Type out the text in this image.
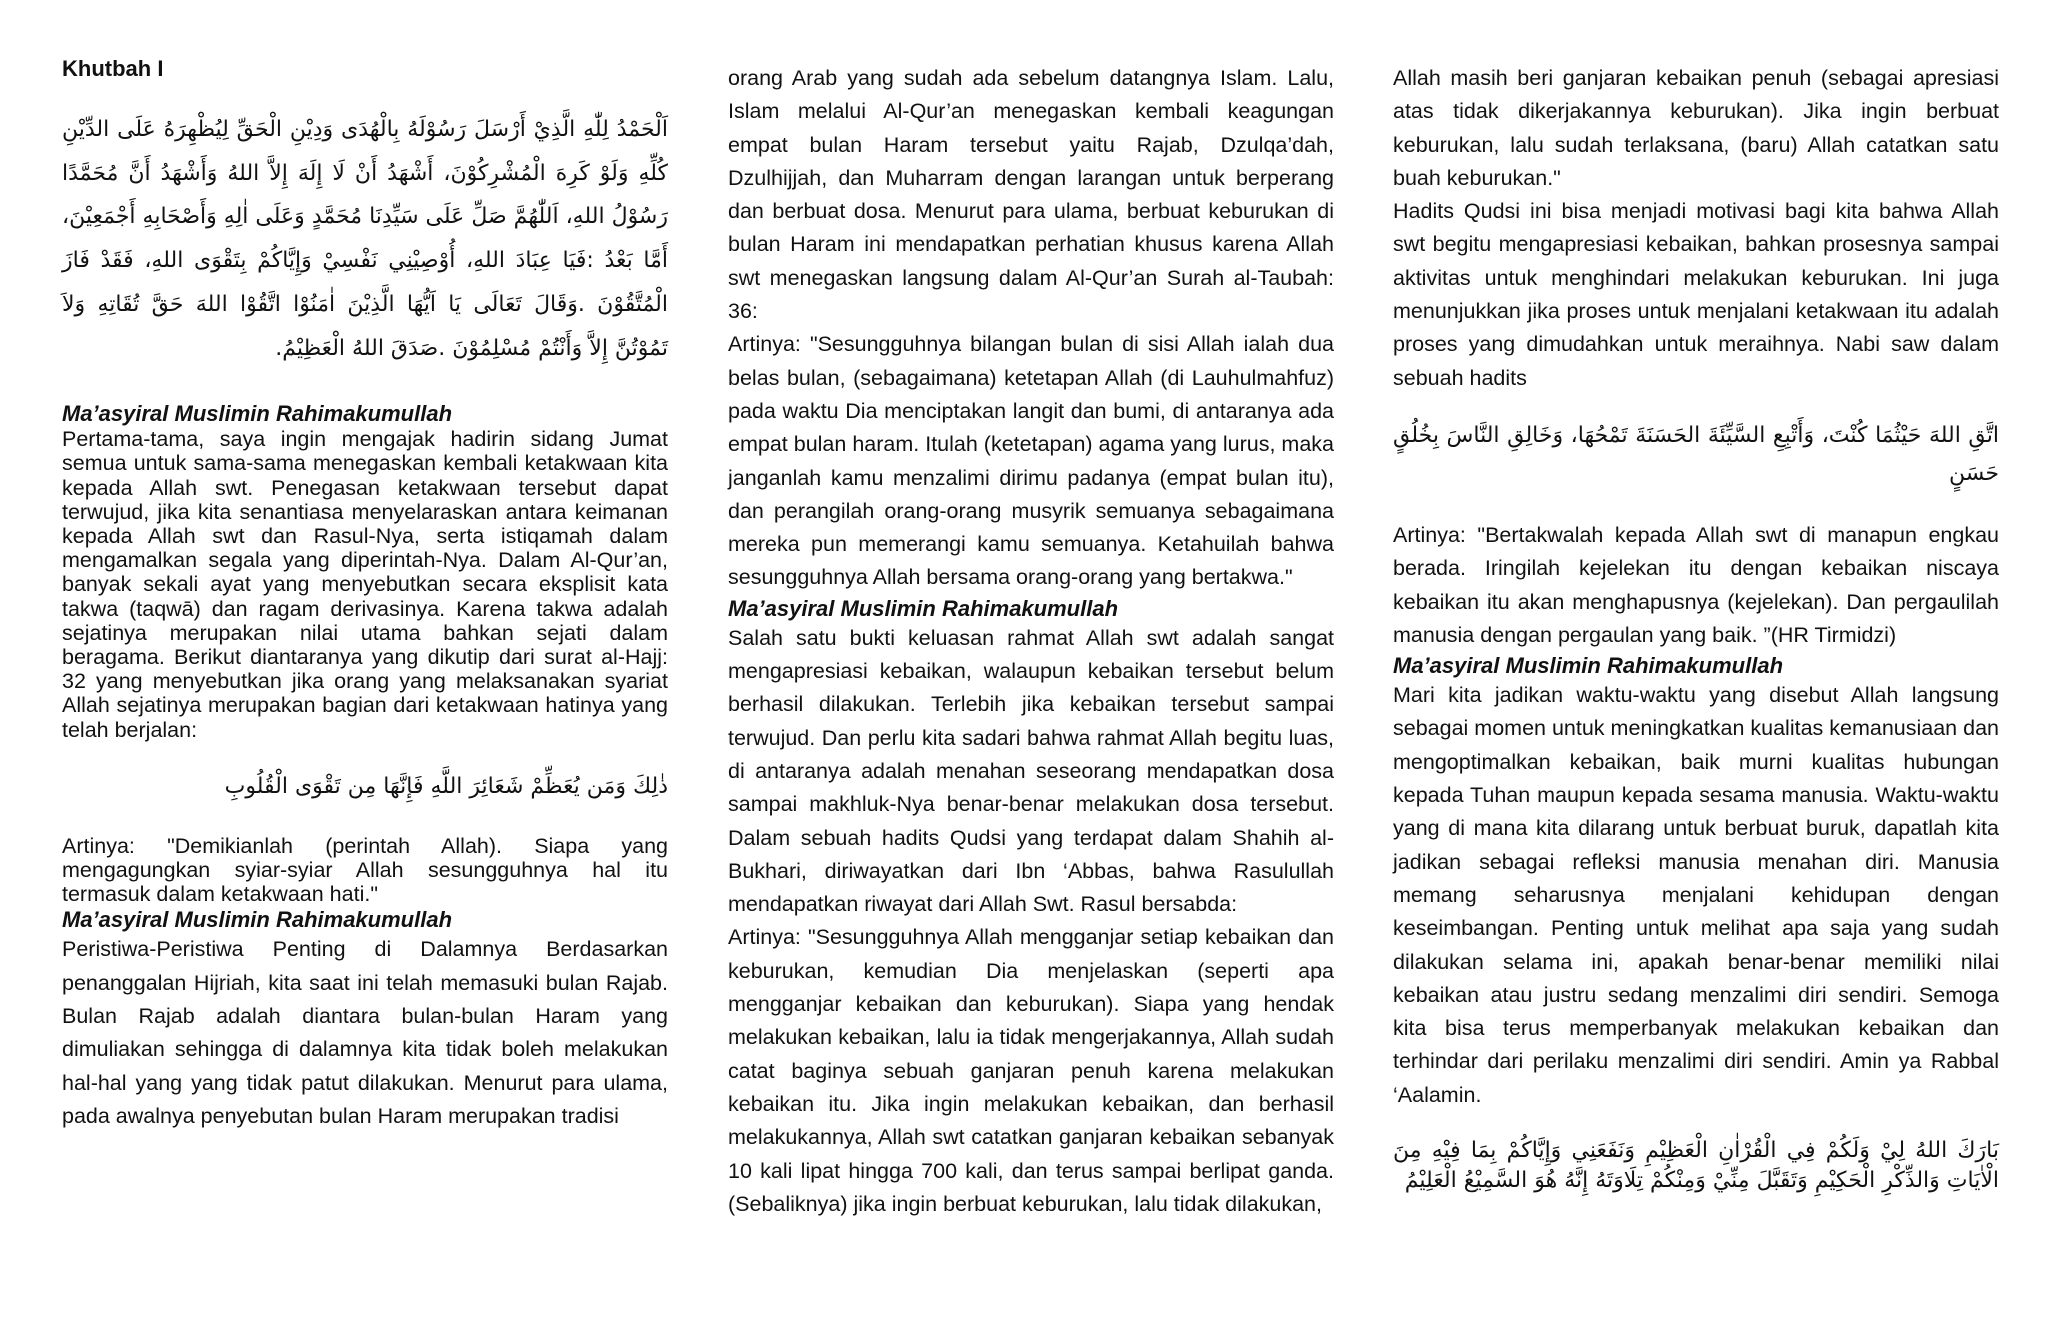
Khutbah I

اَلْحَمْدُ لِلّٰهِ الَّذِيْ أَرْسَلَ رَسُوْلَهُ بِالْهُدَى وَدِيْنِ الْحَقِّ لِيُظْهِرَهُ عَلَى الدِّيْنِ كُلِّهِ وَلَوْ كَرِهَ الْمُشْرِكُوْنَ، أَشْهَدُ أَنْ لَا إِلَهَ إِلاَّ اللهُ وَأَشْهَدُ أَنَّ مُحَمَّدًا رَسُوْلُ اللهِ، اَللّٰهُمَّ صَلِّ عَلَى سَيِّدِنَا مُحَمَّدٍ وَعَلَى اٰلِهِ وَأَصْحَابِهِ أَجْمَعِيْنَ، أَمَّا بَعْدُ :فَيَا عِبَادَ اللهِ، أُوْصِيْنِي نَفْسِيْ وَإِيَّاكُمْ بِتَقْوَى اللهِ، فَقَدْ فَازَ الْمُتَّقُوْنَ .وَقَالَ تَعَالَى يَا اَيُّهَا الَّذِيْنَ اٰمَنُوْا اتَّقُوْا اللهَ حَقَّ تُقَاتِهِ وَلاَ تَمُوْتُنَّ إِلاَّ وَأَنْتُمْ مُسْلِمُوْنَ .صَدَقَ اللهُ الْعَظِيْمُ.

Ma’asyiral Muslimin Rahimakumullah

Pertama-tama, saya ingin mengajak hadirin sidang Jumat semua untuk sama-sama menegaskan kembali ketakwaan kita kepada Allah swt. Penegasan ketakwaan tersebut dapat terwujud, jika kita senantiasa menyelaraskan antara keimanan kepada Allah swt dan Rasul-Nya, serta istiqamah dalam mengamalkan segala yang diperintah-Nya. Dalam Al-Qur’an, banyak sekali ayat yang menyebutkan secara eksplisit kata takwa (taqwā) dan ragam derivasinya. Karena takwa adalah sejatinya merupakan nilai utama bahkan sejati dalam beragama. Berikut diantaranya yang dikutip dari surat al-Hajj: 32 yang menyebutkan jika orang yang melaksanakan syariat Allah sejatinya merupakan bagian dari ketakwaan hatinya yang telah berjalan:

ذٰلِكَ وَمَن يُعَظِّمْ شَعَائِرَ اللَّهِ فَإِنَّهَا مِن تَقْوَى الْقُلُوبِ

Artinya: "Demikianlah (perintah Allah). Siapa yang mengagungkan syiar-syiar Allah sesungguhnya hal itu termasuk dalam ketakwaan hati."

Ma’asyiral Muslimin Rahimakumullah

Peristiwa-Peristiwa Penting di Dalamnya Berdasarkan penanggalan Hijriah, kita saat ini telah memasuki bulan Rajab. Bulan Rajab adalah diantara bulan-bulan Haram yang dimuliakan sehingga di dalamnya kita tidak boleh melakukan hal-hal yang yang tidak patut dilakukan. Menurut para ulama, pada awalnya penyebutan bulan Haram merupakan tradisi

orang Arab yang sudah ada sebelum datangnya Islam. Lalu, Islam melalui Al-Qur’an menegaskan kembali keagungan empat bulan Haram tersebut yaitu Rajab, Dzulqa’dah, Dzulhijjah, dan Muharram dengan larangan untuk berperang dan berbuat dosa. Menurut para ulama, berbuat keburukan di bulan Haram ini mendapatkan perhatian khusus karena Allah swt menegaskan langsung dalam Al-Qur’an Surah al-Taubah: 36:

Artinya: "Sesungguhnya bilangan bulan di sisi Allah ialah dua belas bulan, (sebagaimana) ketetapan Allah (di Lauhulmahfuz) pada waktu Dia menciptakan langit dan bumi, di antaranya ada empat bulan haram. Itulah (ketetapan) agama yang lurus, maka janganlah kamu menzalimi dirimu padanya (empat bulan itu), dan perangilah orang-orang musyrik semuanya sebagaimana mereka pun memerangi kamu semuanya. Ketahuilah bahwa sesungguhnya Allah bersama orang-orang yang bertakwa."

Ma’asyiral Muslimin Rahimakumullah

Salah satu bukti keluasan rahmat Allah swt adalah sangat mengapresiasi kebaikan, walaupun kebaikan tersebut belum berhasil dilakukan. Terlebih jika kebaikan tersebut sampai terwujud. Dan perlu kita sadari bahwa rahmat Allah begitu luas, di antaranya adalah menahan seseorang mendapatkan dosa sampai makhluk-Nya benar-benar melakukan dosa tersebut. Dalam sebuah hadits Qudsi yang terdapat dalam Shahih al-Bukhari, diriwayatkan dari Ibn ‘Abbas, bahwa Rasulullah mendapatkan riwayat dari Allah Swt. Rasul bersabda:

Artinya: "Sesungguhnya Allah mengganjar setiap kebaikan dan keburukan, kemudian Dia menjelaskan (seperti apa mengganjar kebaikan dan keburukan). Siapa yang hendak melakukan kebaikan, lalu ia tidak mengerjakannya, Allah sudah catat baginya sebuah ganjaran penuh karena melakukan kebaikan itu. Jika ingin melakukan kebaikan, dan berhasil melakukannya, Allah swt catatkan ganjaran kebaikan sebanyak 10 kali lipat hingga 700 kali, dan terus sampai berlipat ganda. (Sebaliknya) jika ingin berbuat keburukan, lalu tidak dilakukan,

Allah masih beri ganjaran kebaikan penuh (sebagai apresiasi atas tidak dikerjakannya keburukan). Jika ingin berbuat keburukan, lalu sudah terlaksana, (baru) Allah catatkan satu buah keburukan."

Hadits Qudsi ini bisa menjadi motivasi bagi kita bahwa Allah swt begitu mengapresiasi kebaikan, bahkan prosesnya sampai aktivitas untuk menghindari melakukan keburukan. Ini juga menunjukkan jika proses untuk menjalani ketakwaan itu adalah proses yang dimudahkan untuk meraihnya. Nabi saw dalam sebuah hadits

اتَّقِ اللهَ حَيْثُمَا كُنْتَ، وَأَتْبِعِ السَّيِّئَةَ الحَسَنَةَ تَمْحُهَا، وَخَالِقِ النَّاسَ بِخُلُقٍ حَسَنٍ

Artinya: "Bertakwalah kepada Allah swt di manapun engkau berada. Iringilah kejelekan itu dengan kebaikan niscaya kebaikan itu akan menghapusnya (kejelekan). Dan pergaulilah manusia dengan pergaulan yang baik. ”(HR Tirmidzi)

Ma’asyiral Muslimin Rahimakumullah

Mari kita jadikan waktu-waktu yang disebut Allah langsung sebagai momen untuk meningkatkan kualitas kemanusiaan dan mengoptimalkan kebaikan, baik murni kualitas hubungan kepada Tuhan maupun kepada sesama manusia. Waktu-waktu yang di mana kita dilarang untuk berbuat buruk, dapatlah kita jadikan sebagai refleksi manusia menahan diri. Manusia memang seharusnya menjalani kehidupan dengan keseimbangan. Penting untuk melihat apa saja yang sudah dilakukan selama ini, apakah benar-benar memiliki nilai kebaikan atau justru sedang menzalimi diri sendiri. Semoga kita bisa terus memperbanyak melakukan kebaikan dan terhindar dari perilaku menzalimi diri sendiri. Amin ya Rabbal ‘Aalamin.

بَارَكَ اللهُ لِيْ وَلَكُمْ فِي الْقُرْاٰنِ الْعَظِيْمِ وَنَفَعَنِي وَإِيَّاكُمْ بِمَا فِيْهِ مِنَ الْاٰيَاتِ وَالذِّكْرِ الْحَكِيْمِ وَتَقَبَّلَ مِنِّيْ وَمِنْكُمْ تِلَاوَتَهُ إِنَّهُ هُوَ السَّمِيْعُ الْعَلِيْمُ
